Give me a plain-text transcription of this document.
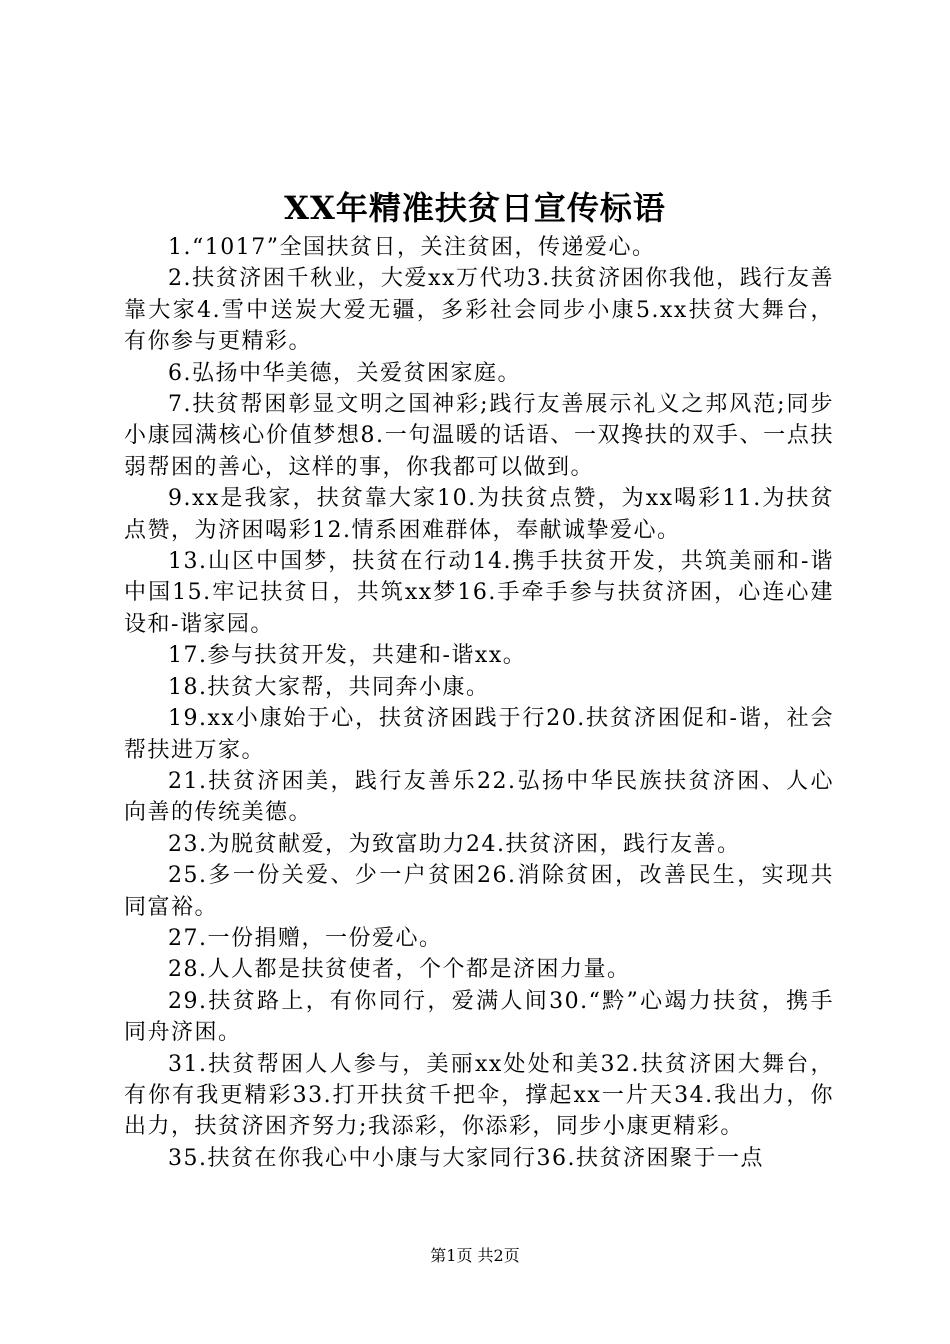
XX年精准扶贫日宣传标语

1.“1017”全国扶贫日，关注贫困，传递爱心。

2.扶贫济困千秋业，大爱xx万代功3.扶贫济困你我他，践行友善靠大家4.雪中送炭大爱无疆，多彩社会同步小康5.xx扶贫大舞台，有你参与更精彩。

6.弘扬中华美德，关爱贫困家庭。

7.扶贫帮困彰显文明之国神彩;践行友善展示礼义之邦风范;同步小康园满核心价值梦想8.一句温暖的话语、一双搀扶的双手、一点扶弱帮困的善心，这样的事，你我都可以做到。

9.xx是我家，扶贫靠大家10.为扶贫点赞，为xx喝彩11.为扶贫点赞，为济困喝彩12.情系困难群体，奉献诚挚爱心。

13.山区中国梦，扶贫在行动14.携手扶贫开发，共筑美丽和-谐中国15.牢记扶贫日，共筑xx梦16.手牵手参与扶贫济困，心连心建设和-谐家园。

17.参与扶贫开发，共建和-谐xx。

18.扶贫大家帮，共同奔小康。

19.xx小康始于心，扶贫济困践于行20.扶贫济困促和-谐，社会帮扶进万家。

21.扶贫济困美，践行友善乐22.弘扬中华民族扶贫济困、人心向善的传统美德。

23.为脱贫献爱，为致富助力24.扶贫济困，践行友善。

25.多一份关爱、少一户贫困26.消除贫困，改善民生，实现共同富裕。

27.一份捐赠，一份爱心。

28.人人都是扶贫使者，个个都是济困力量。

29.扶贫路上，有你同行，爱满人间30.“黔”心竭力扶贫，携手同舟济困。

31.扶贫帮困人人参与，美丽xx处处和美32.扶贫济困大舞台，有你有我更精彩33.打开扶贫千把伞，撑起xx一片天34.我出力，你出力，扶贫济困齐努力;我添彩，你添彩，同步小康更精彩。

35.扶贫在你我心中小康与大家同行36.扶贫济困聚于一点

第1页 共2页
